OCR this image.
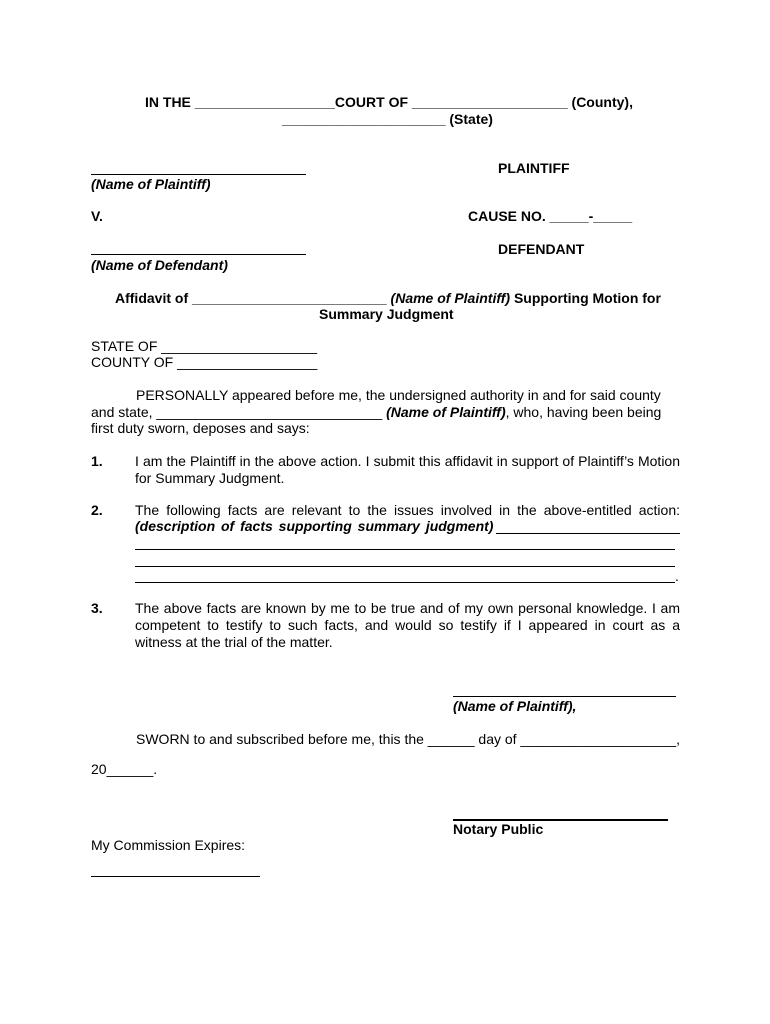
IN THE __________________COURT OF ____________________ (County),
_____________________ (State)
PLAINTIFF
(Name of Plaintiff)
V.	CAUSE NO. _____-_____
DEFENDANT
(Name of Defendant)
Affidavit of _________________________ (Name of Plaintiff) Supporting Motion for
Summary Judgment
STATE OF ____________________
COUNTY OF __________________
PERSONALLY appeared before me, the undersigned authority in and for said county
and state, _____________________________ (Name of Plaintiff), who, having been being
first duty sworn, deposes and says:
1. I am the Plaintiff in the above action. I submit this affidavit in support of Plaintiff’s Motion for Summary Judgment.
2. The following facts are relevant to the issues involved in the above-entitled action:
(description of facts supporting summary judgment)
.
3. The above facts are known by me to be true and of my own personal knowledge. I am competent to testify to such facts, and would so testify if I appeared in court as a witness at the trial of the matter.
(Name of Plaintiff),
SWORN to and subscribed before me, this the ______ day of ____________________,
20______.
Notary Public
My Commission Expires:
